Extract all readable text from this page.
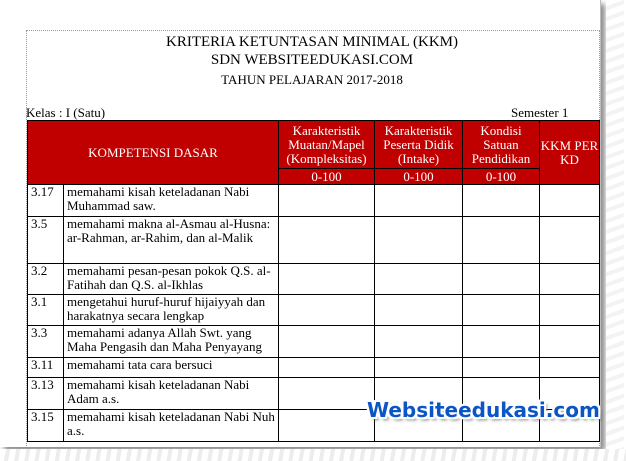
KRITERIA KETUNTASAN MINIMAL (KKM)
SDN WEBSITEEDUKASI.COM
TAHUN PELAJARAN 2017-2018
Kelas : I (Satu)	Semester 1
KOMPETENSI DASAR		Karakteristik Muatan/Mapel (Kompleksitas)	Karakteristik Peserta Didik (Intake)	Kondisi Satuan Pendidikan	KKM PER KD
		0-100	0-100	0-100	
3.17	memahami kisah keteladanan Nabi Muhammad saw.				
3.5	memahami makna al-Asmau al-Husna: ar-Rahman, ar-Rahim, dan al-Malik				
3.2	memahami pesan-pesan pokok Q.S. al-Fatihah dan Q.S. al-Ikhlas				
3.1	mengetahui huruf-huruf hijaiyyah dan harakatnya secara lengkap				
3.3	memahami adanya Allah Swt. yang Maha Pengasih dan Maha Penyayang				
3.11	memahami tata cara bersuci				
3.13	memahami kisah keteladanan Nabi Adam a.s.				
3.15	memahami kisah keteladanan Nabi Nuh a.s.				
Websiteedukasi.com
